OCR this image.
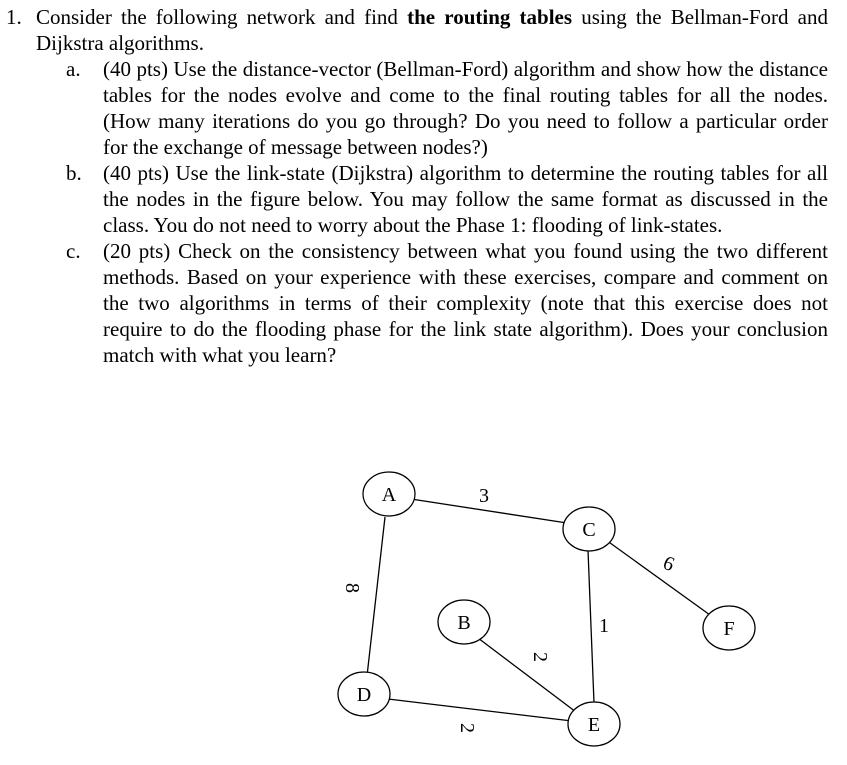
1. Consider the following network and find the routing tables using the Bellman-Ford and Dijkstra algorithms.
a.	(40 pts) Use the distance-vector (Bellman-Ford) algorithm and show how the distance tables for the nodes evolve and come to the final routing tables for all the nodes. (How many iterations do you go through? Do you need to follow a particular order for the exchange of message between nodes?)
b.	(40 pts) Use the link-state (Dijkstra) algorithm to determine the routing tables for all the nodes in the figure below. You may follow the same format as discussed in the class. You do not need to worry about the Phase 1: flooding of link-states.
c.	(20 pts) Check on the consistency between what you found using the two different methods. Based on your experience with these exercises, compare and comment on the two algorithms in terms of their complexity (note that this exercise does not require to do the flooding phase for the link state algorithm). Does your conclusion match with what you learn?
3
8
6
1
2
2
A
B
C
D
E
F
